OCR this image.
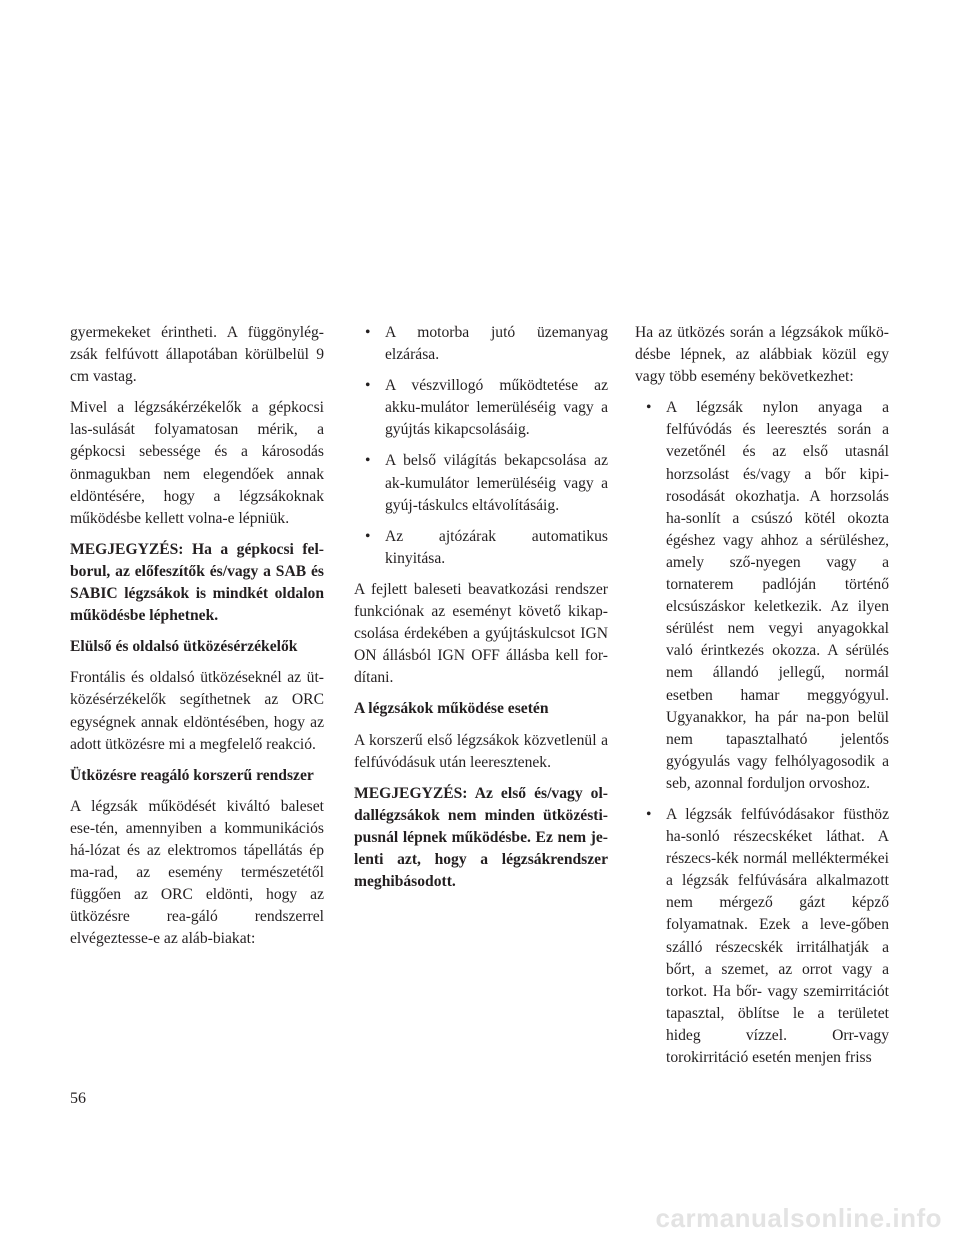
gyermekeket érintheti. A függönylég-zsák felfúvott állapotában körülbelül 9 cm vastag.

Mivel a légzsákérzékelők a gépkocsi las-sulását folyamatosan mérik, a gépkocsi sebessége és a károsodás önmagukban nem elegendőek annak eldöntésére, hogy a légzsákoknak működésbe kellett volna-e lépniük.

MEGJEGYZÉS: Ha a gépkocsi fel-borul, az előfeszítők és/vagy a SAB és SABIC légzsákok is mindkét oldalon működésbe léphetnek.

Elülső és oldalsó ütközésérzékelők

Frontális és oldalsó ütközéseknél az üt-közésérzékelők segíthetnek az ORC egységnek annak eldöntésében, hogy az adott ütközésre mi a megfelelő reakció.

Ütközésre reagáló korszerű rendszer

A légzsák működését kiváltó baleset ese-tén, amennyiben a kommunikációs há-lózat és az elektromos tápellátás ép ma-rad, az esemény természetétől függően az ORC eldönti, hogy az ütközésre rea-gáló rendszerrel elvégeztesse-e az aláb-biakat:

• A motorba jutó üzemanyag elzárása.
• A vészvillogó működtetése az akku-mulátor lemerüléséig vagy a gyújtás kikapcsolásáig.
• A belső világítás bekapcsolása az ak-kumulátor lemerüléséig vagy a gyúj-táskulcs eltávolításáig.
• Az ajtózárak automatikus kinyitása.

A fejlett baleseti beavatkozási rendszer funkciónak az eseményt követő kikap-csolása érdekében a gyújtáskulcsot IGN ON állásból IGN OFF állásba kell for-dítani.

A légzsákok működése esetén

A korszerű első légzsákok közvetlenül a felfúvódásuk után leeresztenek.

MEGJEGYZÉS: Az első és/vagy ol-dallégzsákok nem minden ütközésti-pusnál lépnek működésbe. Ez nem je-lenti azt, hogy a légzsákrendszer meghibásodott.

Ha az ütközés során a légzsákok műkö-désbe lépnek, az alábbiak közül egy vagy több esemény bekövetkezhet:

• A légzsák nylon anyaga a felfúvódás és leeresztés során a vezetőnél és az első utasnál horzsolást és/vagy a bőr kipi-rosodását okozhatja. A horzsolás ha-sonlít a csúszó kötél okozta égéshez vagy ahhoz a sérüléshez, amely sző-nyegen vagy a tornaterem padlóján történő elcsúszáskor keletkezik. Az ilyen sérülést nem vegyi anyagokkal való érintkezés okozza. A sérülés nem állandó jellegű, normál esetben hamar meggyógyul. Ugyanakkor, ha pár na-pon belül nem tapasztalható jelentős gyógyulás vagy felhólyagosodik a seb, azonnal forduljon orvoshoz.
• A légzsák felfúvódásakor füsthöz ha-sonló részecskéket láthat. A részecs-kék normál melléktermékei a légzsák felfúvására alkalmazott nem mérgező gázt képző folyamatnak. Ezek a leve-gőben szálló részecskék irritálhatják a bőrt, a szemet, az orrot vagy a torkot. Ha bőr- vagy szemirritációt tapasztal, öblítse le a területet hideg vízzel. Orr-vagy torokirritáció esetén menjen friss
56
carmanualsonline.info
